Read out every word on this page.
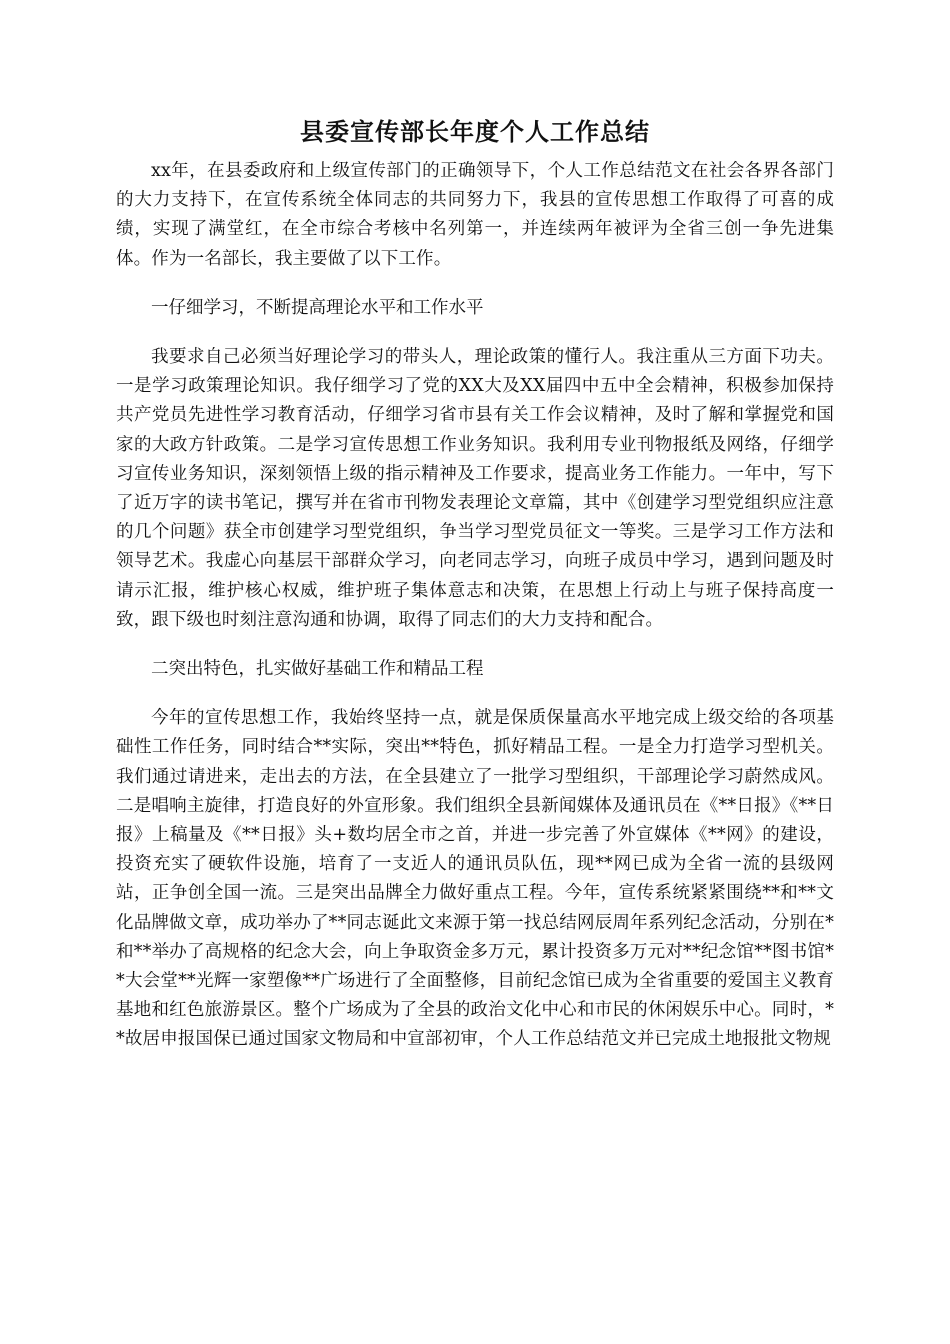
县委宣传部长年度个人工作总结

xx年，在县委政府和上级宣传部门的正确领导下，个人工作总结范文在社会各界各部门的大力支持下，在宣传系统全体同志的共同努力下，我县的宣传思想工作取得了可喜的成绩，实现了满堂红，在全市综合考核中名列第一，并连续两年被评为全省三创一争先进集体。作为一名部长，我主要做了以下工作。

一仔细学习，不断提高理论水平和工作水平

我要求自己必须当好理论学习的带头人，理论政策的懂行人。我注重从三方面下功夫。一是学习政策理论知识。我仔细学习了党的XX大及XX届四中五中全会精神，积极参加保持共产党员先进性学习教育活动，仔细学习省市县有关工作会议精神，及时了解和掌握党和国家的大政方针政策。二是学习宣传思想工作业务知识。我利用专业刊物报纸及网络，仔细学习宣传业务知识，深刻领悟上级的指示精神及工作要求，提高业务工作能力。一年中，写下了近万字的读书笔记，撰写并在省市刊物发表理论文章篇，其中《创建学习型党组织应注意的几个问题》获全市创建学习型党组织，争当学习型党员征文一等奖。三是学习工作方法和领导艺术。我虚心向基层干部群众学习，向老同志学习，向班子成员中学习，遇到问题及时请示汇报，维护核心权威，维护班子集体意志和决策，在思想上行动上与班子保持高度一致，跟下级也时刻注意沟通和协调，取得了同志们的大力支持和配合。

二突出特色，扎实做好基础工作和精品工程

今年的宣传思想工作，我始终坚持一点，就是保质保量高水平地完成上级交给的各项基础性工作任务，同时结合**实际，突出**特色，抓好精品工程。一是全力打造学习型机关。我们通过请进来，走出去的方法，在全县建立了一批学习型组织，干部理论学习蔚然成风。二是唱响主旋律，打造良好的外宣形象。我们组织全县新闻媒体及通讯员在《**日报》《**日报》上稿量及《**日报》头+数均居全市之首，并进一步完善了外宣媒体《**网》的建设，投资充实了硬软件设施，培育了一支近人的通讯员队伍，现**网已成为全省一流的县级网站，正争创全国一流。三是突出品牌全力做好重点工程。今年，宣传系统紧紧围绕**和**文化品牌做文章，成功举办了**同志诞此文来源于第一找总结网辰周年系列纪念活动，分别在*和**举办了高规格的纪念大会，向上争取资金多万元，累计投资多万元对**纪念馆**图书馆**大会堂**光辉一家塑像**广场进行了全面整修，目前纪念馆已成为全省重要的爱国主义教育基地和红色旅游景区。整个广场成为了全县的政治文化中心和市民的休闲娱乐中心。同时，**故居申报国保已通过国家文物局和中宣部初审，个人工作总结范文并已完成土地报批文物规
